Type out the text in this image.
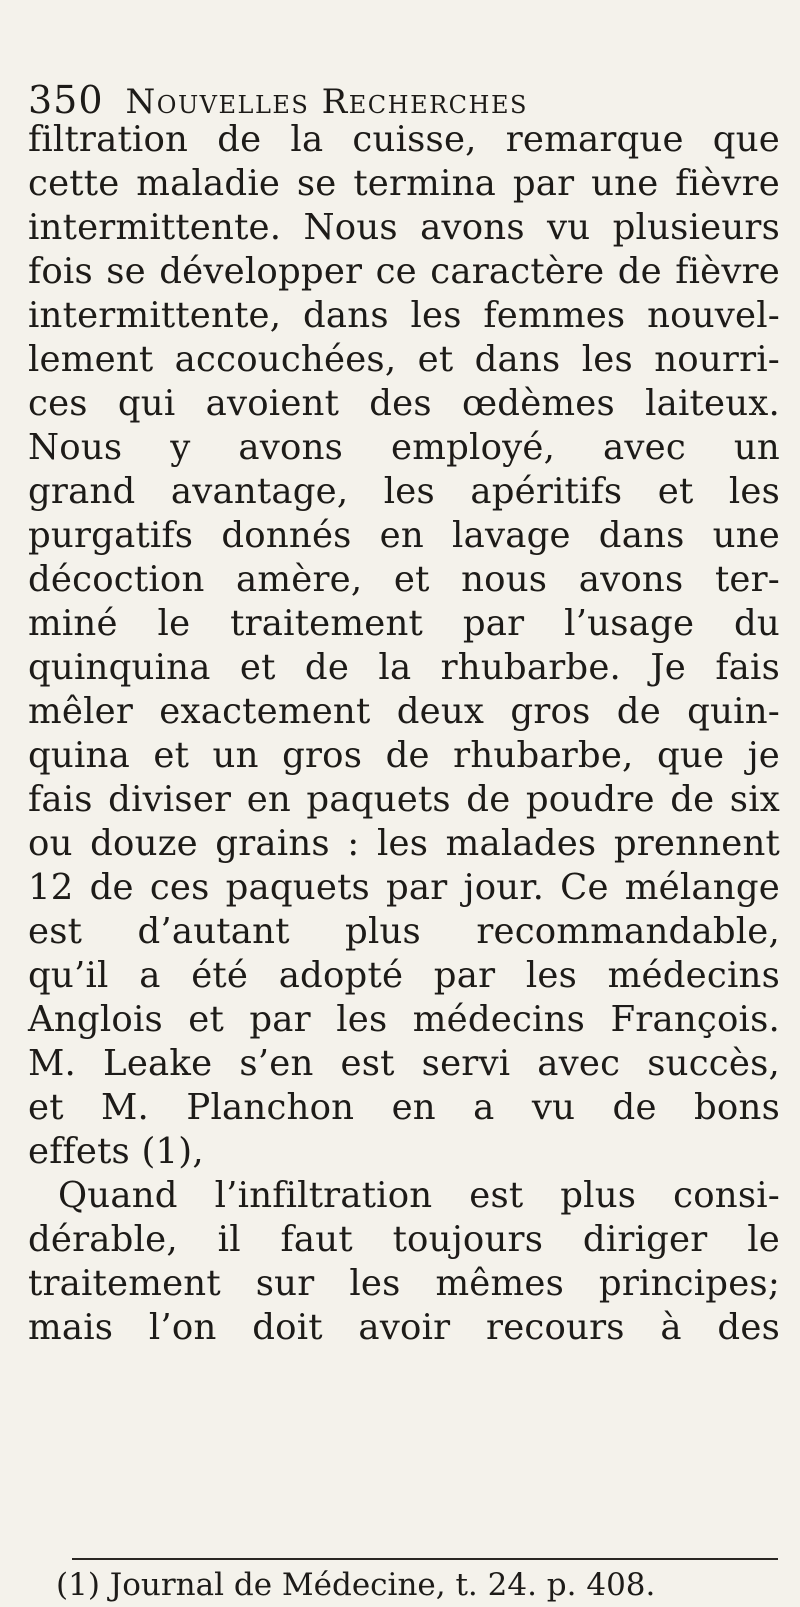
350 Nouvelles Recherches
filtration de la cuisse, remarque que
cette maladie se termina par une fièvre
intermittente. Nous avons vu plusieurs
fois se développer ce caractère de fièvre
intermittente, dans les femmes nouvel-
lement accouchées, et dans les nourri-
ces qui avoient des œdèmes laiteux.
Nous y avons employé, avec un
grand avantage, les apéritifs et les
purgatifs donnés en lavage dans une
décoction amère, et nous avons ter-
miné le traitement par l’usage du
quinquina et de la rhubarbe. Je fais
mêler exactement deux gros de quin-
quina et un gros de rhubarbe, que je
fais diviser en paquets de poudre de six
ou douze grains : les malades prennent
12 de ces paquets par jour. Ce mélange
est d’autant plus recommandable,
qu’il a été adopté par les médecins
Anglois et par les médecins François.
M. Leake s’en est servi avec succès,
et M. Planchon en a vu de bons
effets (1),
Quand l’infiltration est plus consi-
dérable, il faut toujours diriger le
traitement sur les mêmes principes;
mais l’on doit avoir recours à des
(1) Journal de Médecine, t. 24. p. 408.
